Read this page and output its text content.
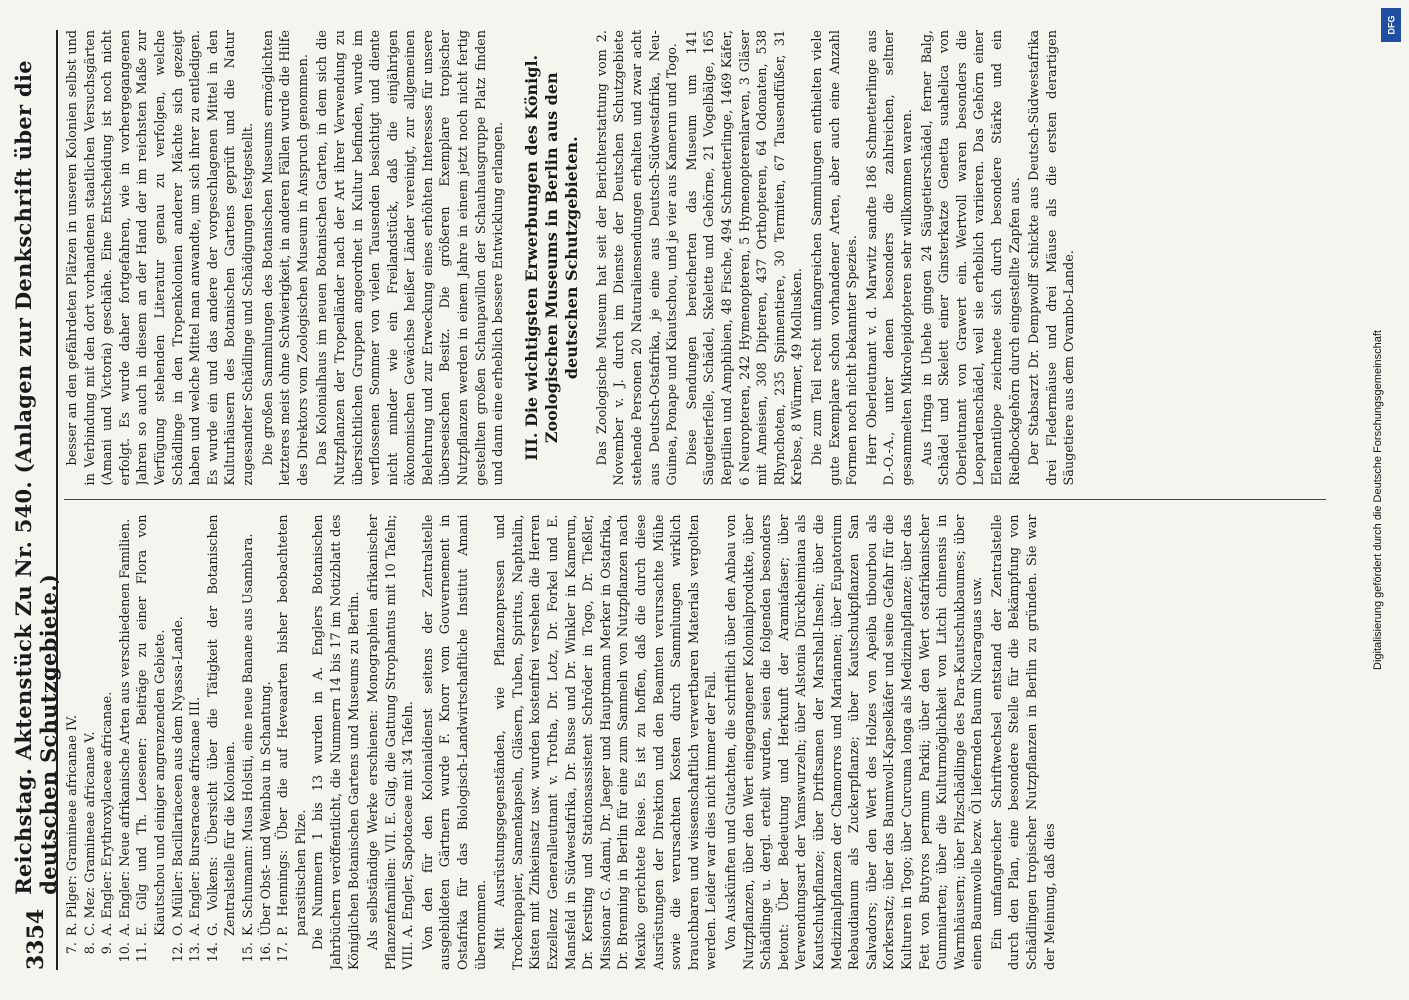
3354
Reichstag. Aktenstück Zu Nr. 540. (Anlagen zur Denkschrift über die deutschen Schutzgebiete.)
7.
R. Pilger: Gramineae africanae IV.
8.
C. Mez: Gramineae africanae V.
9.
A. Engler: Erythroxylaceae africanae.
10.
A. Engler: Neue afrikanische Arten aus verschiedenen Familien.
11.
E. Gilg und Th. Loesener: Beiträge zu einer Flora von Kiautschou und einiger angrenzenden Gebiete.
12.
O. Müller: Bacillariaceen aus dem Nyassa-Lande.
13.
A. Engler: Burseraceae africanae III.
14.
G. Volkens: Übersicht über die Tätigkeit der Botanischen Zentralstelle für die Kolonien.
15.
K. Schumann: Musa Holstii, eine neue Banane aus Usambara.
16.
Über Obst- und Weinbau in Schantung.
17.
P. Hennings: Über die auf Heveaarten bisher beobachteten parasitischen Pilze. Die Nummern 1 bis 13 wurden in A. Englers Botanischen Jahrbüchern veröffentlicht, die Nummern 14 bis 17 im Notizblatt des Königlichen Botanischen Gartens und Museums zu Berlin. Als selbständige Werke erschienen: Monographien afrikanischer Pflanzenfamilien: VII. E. Gilg, die Gattung Strophantus mit 10 Tafeln; VIII. A. Engler, Sapotaceae mit 34 Tafeln. Von den für den Kolonialdienst seitens der Zentralstelle ausgebildeten Gärtnern wurde F. Knorr vom Gouvernement in Ostafrika für das Biologisch-Landwirtschaftliche Institut Amani übernommen. Mit Ausrüstungsgegenständen, wie Pflanzenpressen und Trockenpapier, Samenkapseln, Gläsern, Tuben, Spiritus, Naphtalin, Kisten mit Zinkeinsatz usw. wurden kostenfrei versehen die Herren Exzellenz Generalleutnant v. Trotha, Dr. Lotz, Dr. Forkel und E. Mansfeld in Südwestafrika, Dr. Busse und Dr. Winkler in Kamerun, Dr. Kersting und Stationsassistent Schröder in Togo, Dr. Tießler, Missionar G. Adami, Dr. Jaeger und Hauptmann Merker in Ostafrika, Dr. Brenning in Berlin für eine zum Sammeln von Nutzpflanzen nach Mexiko gerichtete Reise. Es ist zu hoffen, daß die durch diese Ausrüstungen der Direktion und den Beamten verursachte Mühe sowie die verursachten Kosten durch Sammlungen wirklich brauchbaren und wissenschaftlich verwertbaren Materials vergolten werden. Leider war dies nicht immer der Fall. Von Auskünften und Gutachten, die schriftlich über den Anbau von Nutzpflanzen, über den Wert eingegangener Kolonialprodukte, über Schädlinge u. dergl. erteilt wurden, seien die folgenden besonders betont: Über Bedeutung und Herkunft der Aramiafaser; über Verwendungsart der Yamswurzeln; über Alstonia Dürckheimiana als Kautschukpflanze; über Driftsamen der Marshall-Inseln; über die Medizinalpflanzen der Chamorros und Mariannen; über Eupatorium Rebaudianum als Zuckerpflanze; über Kautschukpflanzen San Salvadors; über den Wert des Holzes von Apeiba tibourbou als Korkersatz; über das Baumwoll-Kapselkäfer und seine Gefahr für die Kulturen in Togo; über Curcuma longa als Medizinalpflanze; über das Fett von Butyros permum Parkii; über den Wert ostafrikanischer Gummiarten; über die Kulturmöglichkeit von Litchi chinensis in Warmhäusern; über Pilzschädlinge des Para-Kautschukbaumes; über einen Baumwolle bezw. Öl liefernden Baum Nicaraguas usw. Ein umfangreicher Schriftwechsel entstand der Zentralstelle durch den Plan, eine besondere Stelle für die Bekämpfung von Schädlingen tropischer Nutzpflanzen in Berlin zu gründen. Sie war der Meinung, daß dies

besser an den gefährdeten Plätzen in unseren Kolonien selbst und in Verbindung mit den dort vorhandenen staatlichen Versuchsgärten (Amani und Victoria) geschähe. Eine Entscheidung ist noch nicht erfolgt. Es wurde daher fortgefahren, wie in vorhergegangenen Jahren so auch in diesem an der Hand der im reichsten Maße zur Verfügung stehenden Literatur genau zu verfolgen, welche Schädlinge in den Tropenkolonien anderer Mächte sich gezeigt haben und welche Mittel man anwandte, um sich ihrer zu entledigen. Es wurde ein und das andere der vorgeschlagenen Mittel in den Kulturhäusern des Botanischen Gartens geprüft und die Natur zugesandter Schädlinge und Schädigungen festgestellt. Die großen Sammlungen des Botanischen Museums ermöglichten letzteres meist ohne Schwierigkeit, in anderen Fällen wurde die Hilfe des Direktors vom Zoologischen Museum in Anspruch genommen. Das Kolonialhaus im neuen Botanischen Garten, in dem sich die Nutzpflanzen der Tropenländer nach der Art ihrer Verwendung zu übersichtlichen Gruppen angeordnet in Kultur befinden, wurde im verflossenen Sommer von vielen Tausenden besichtigt und diente nicht minder wie ein Freilandstück, daß die einjährigen ökonomischen Gewächse heißer Länder vereinigt, zur allgemeinen Belehrung und zur Erweckung eines erhöhten Interesses für unsere überseeischen Besitz. Die größeren Exemplare tropischer Nutzpflanzen werden in einem Jahre in einem jetzt noch nicht fertig gestellten großen Schaupavillon der Schauhausgruppe Platz finden und dann eine erheblich bessere Entwicklung erlangen. III. Die wichtigsten Erwerbungen des Königl. Zoologischen Museums in Berlin aus den deutschen Schutzgebieten. Das Zoologische Museum hat seit der Berichterstattung vom 2. November v. J. durch im Dienste der Deutschen Schutzgebiete stehende Personen 20 Naturaliensendungen erhalten und zwar acht aus Deutsch-Ostafrika, je eine aus Deutsch-Südwestafrika, Neu-Guinea, Ponape und Kiautschou, und je vier aus Kamerun und Togo. Diese Sendungen bereicherten das Museum um 141 Säugetierfelle, Schädel, Skelette und Gehörne, 21 Vogelbälge, 165 Reptilien und Amphibien, 48 Fische, 494 Schmetterlinge, 1469 Käfer, 6 Neuropteren, 242 Hymenopteren, 5 Hymenopterenlarven, 3 Gläser mit Ameisen, 308 Dipteren, 437 Orthopteren, 64 Odonaten, 538 Rhynchoten, 235 Spinnentiere, 30 Termiten, 67 Tausendfüßer, 31 Krebse, 8 Würmer, 49 Mollusken. Die zum Teil recht umfangreichen Sammlungen enthielten viele gute Exemplare schon vorhandener Arten, aber auch eine Anzahl Formen noch nicht bekannter Spezies. Herr Oberleutnant v. d. Marwitz sandte 186 Schmetterlinge aus D.-O.-A., unter denen besonders die zahlreichen, seltner gesammelten Mikrolepidopteren sehr willkommen waren. Aus Iringa in Uhehe gingen 24 Säugetierschädel, ferner Balg, Schädel und Skelett einer Ginsterkatze Genetta suahelica von Oberleutnant von Grawert ein. Wertvoll waren besonders die Leopardenschädel, weil sie erheblich variieren. Das Gehörn einer Elenantilope zeichnete sich durch besondere Stärke und ein Riedbockgehörn durch eingestellte Zapfen aus. Der Stabsarzt Dr. Dempwolff schickte aus Deutsch-Südwestafrika drei Fledermäuse und drei Mäuse als die ersten derartigen Säugetiere aus dem Ovambo-Lande.

DFG
Digitalisierung gefördert durch die Deutsche Forschungsgemeinschaft
